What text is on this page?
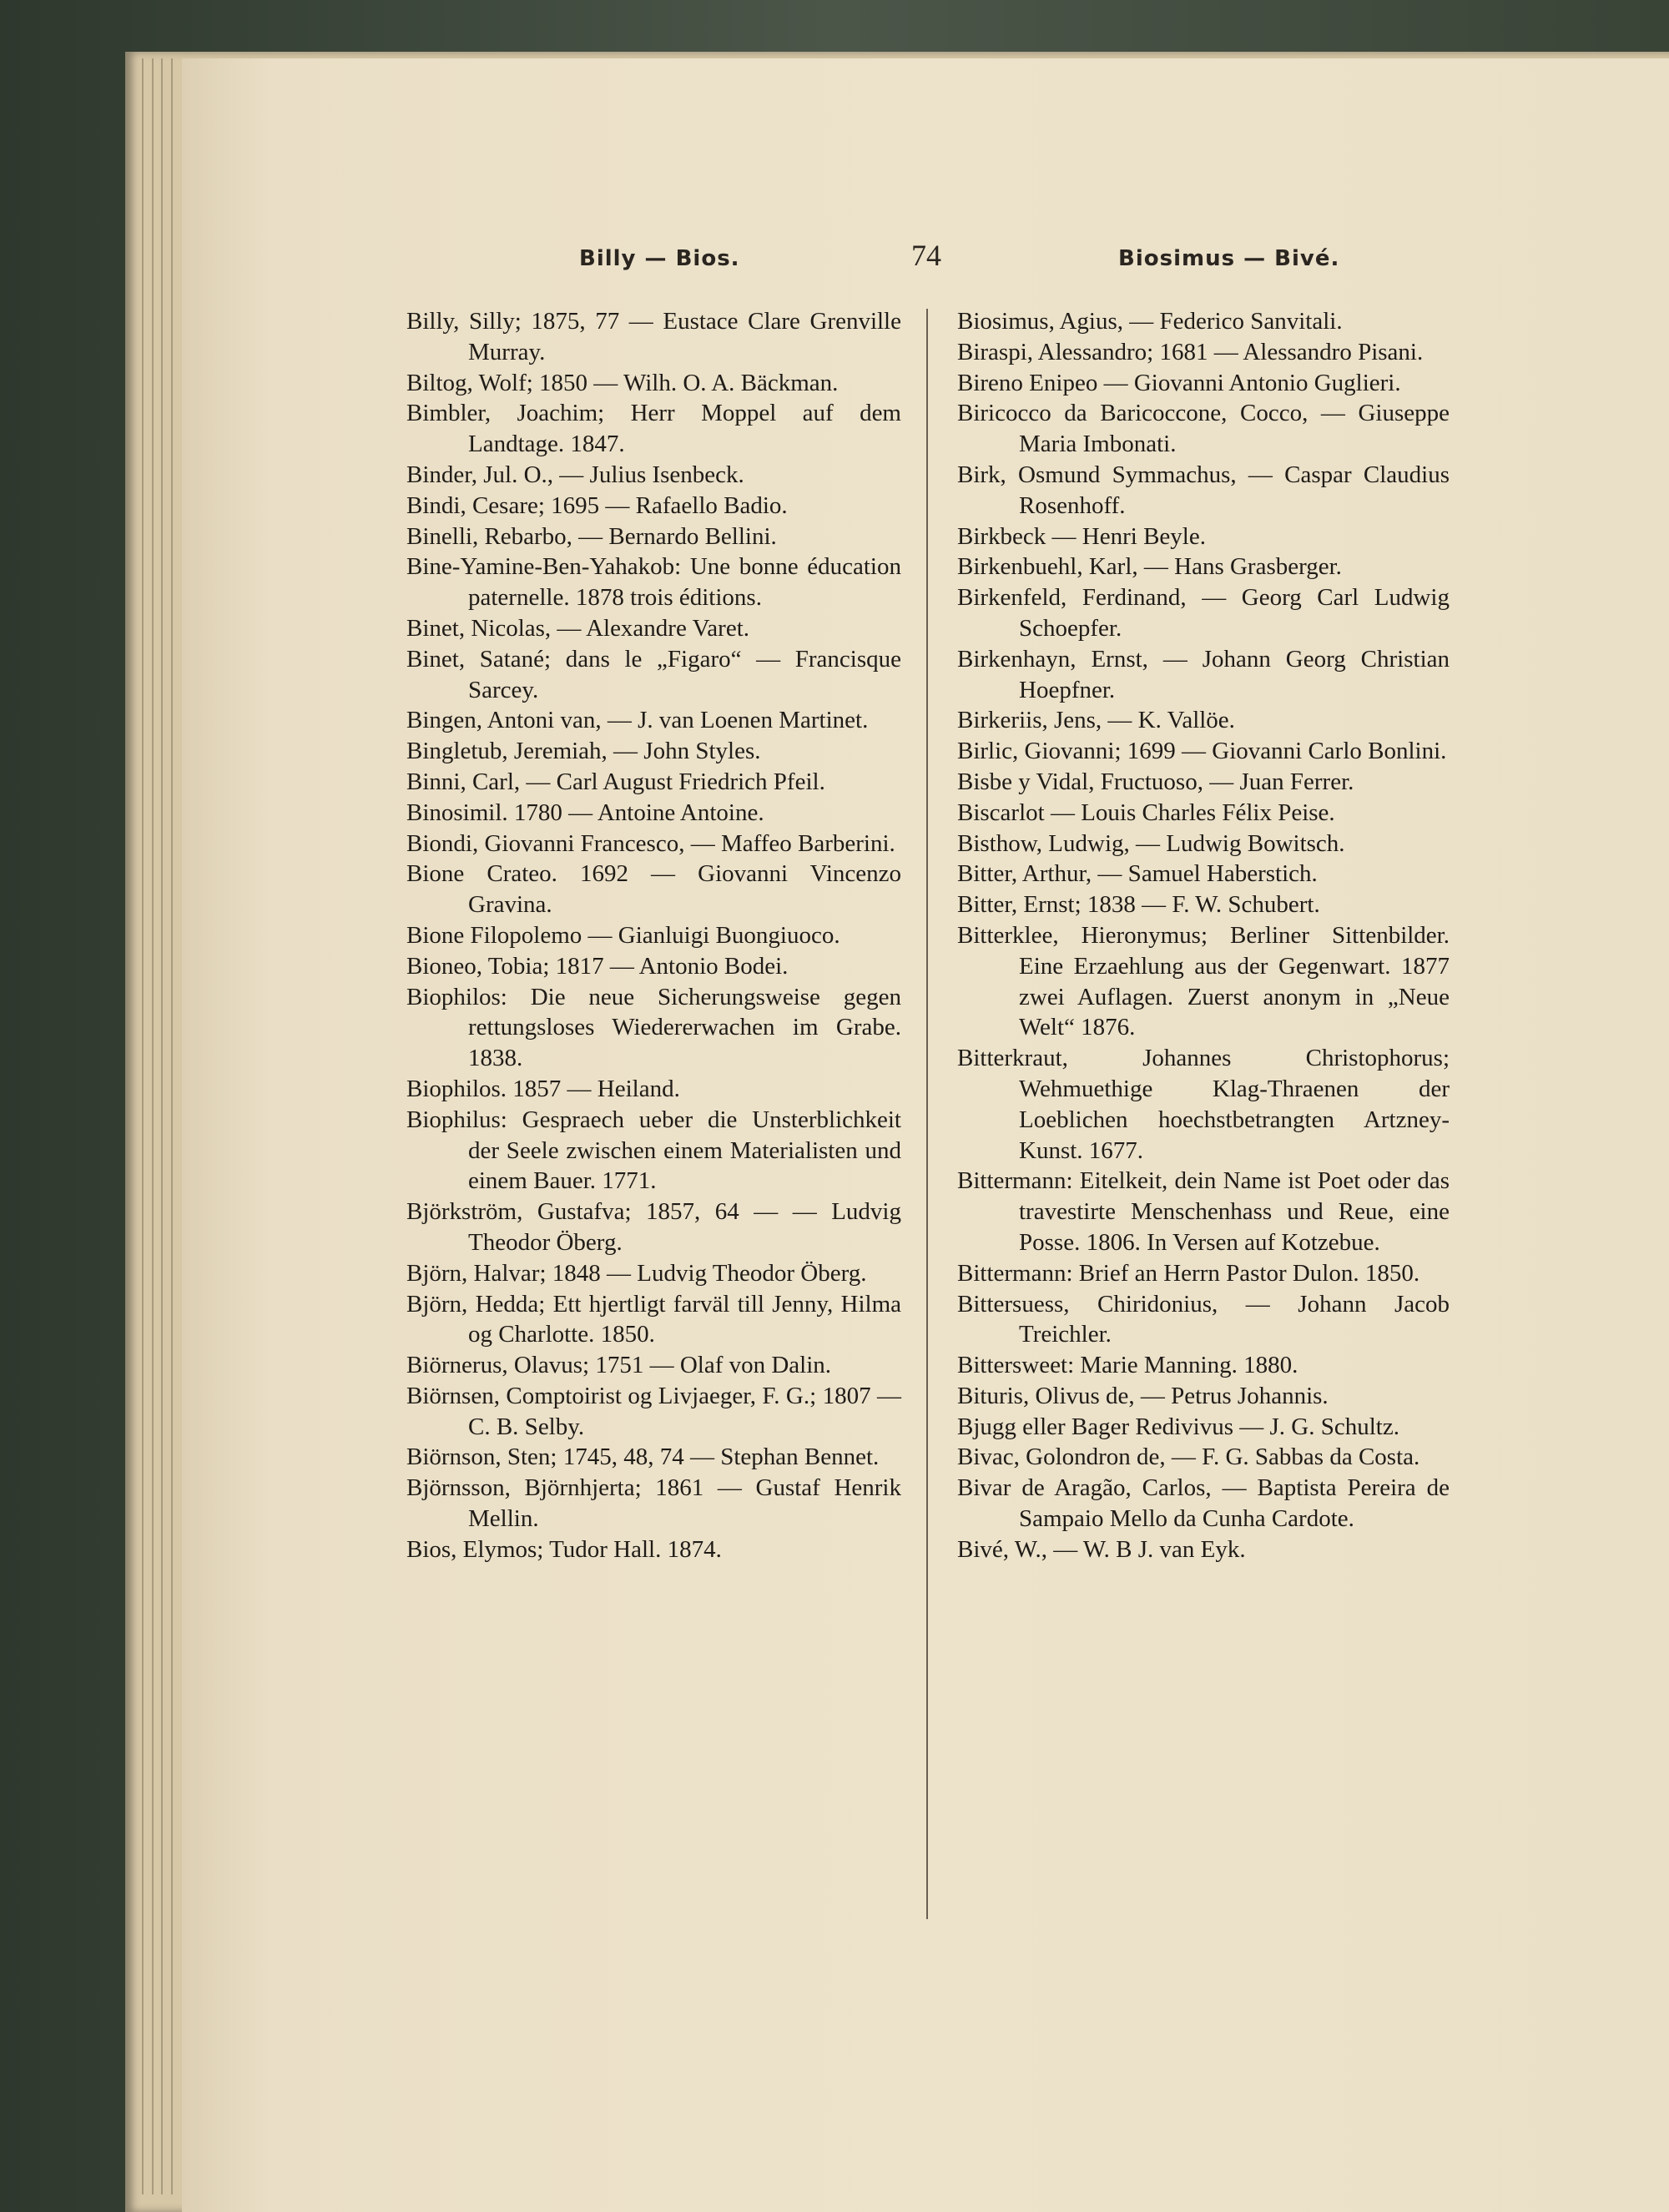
Billy — Bios.	74	Biosimus — Bivé.
Billy, Silly; 1875, 77 — Eustace Clare Grenville Murray.
Biltog, Wolf; 1850 — Wilh. O. A. Bäckman.
Bimbler, Joachim; Herr Moppel auf dem Landtage. 1847.
Binder, Jul. O., — Julius Isenbeck.
Bindi, Cesare; 1695 — Rafaello Badio.
Binelli, Rebarbo, — Bernardo Bellini.
Bine-Yamine-Ben-Yahakob: Une bonne éducation paternelle. 1878 trois éditions.
Binet, Nicolas, — Alexandre Varet.
Binet, Satané; dans le „Figaro“ — Francisque Sarcey.
Bingen, Antoni van, — J. van Loenen Martinet.
Bingletub, Jeremiah, — John Styles.
Binni, Carl, — Carl August Friedrich Pfeil.
Binosimil. 1780 — Antoine Antoine.
Biondi, Giovanni Francesco, — Maffeo Barberini.
Bione Crateo. 1692 — Giovanni Vincenzo Gravina.
Bione Filopolemo — Gianluigi Buongiuoco.
Bioneo, Tobia; 1817 — Antonio Bodei.
Biophilos: Die neue Sicherungsweise gegen rettungsloses Wiedererwachen im Grabe. 1838.
Biophilos. 1857 — Heiland.
Biophilus: Gespraech ueber die Unsterblichkeit der Seele zwischen einem Materialisten und einem Bauer. 1771.
Björkström, Gustafva; 1857, 64 — — Ludvig Theodor Öberg.
Björn, Halvar; 1848 — Ludvig Theodor Öberg.
Björn, Hedda; Ett hjertligt farväl till Jenny, Hilma og Charlotte. 1850.
Biörnerus, Olavus; 1751 — Olaf von Dalin.
Biörnsen, Comptoirist og Livjaeger, F. G.; 1807 — C. B. Selby.
Biörnson, Sten; 1745, 48, 74 — Stephan Bennet.
Björnsson, Björnhjerta; 1861 — Gustaf Henrik Mellin.
Bios, Elymos; Tudor Hall. 1874.
Biosimus, Agius, — Federico Sanvitali.
Biraspi, Alessandro; 1681 — Alessandro Pisani.
Bireno Enipeo — Giovanni Antonio Guglieri.
Biricocco da Baricoccone, Cocco, — Giuseppe Maria Imbonati.
Birk, Osmund Symmachus, — Caspar Claudius Rosenhoff.
Birkbeck — Henri Beyle.
Birkenbuehl, Karl, — Hans Grasberger.
Birkenfeld, Ferdinand, — Georg Carl Ludwig Schoepfer.
Birkenhayn, Ernst, — Johann Georg Christian Hoepfner.
Birkeriis, Jens, — K. Vallöe.
Birlic, Giovanni; 1699 — Giovanni Carlo Bonlini.
Bisbe y Vidal, Fructuoso, — Juan Ferrer.
Biscarlot — Louis Charles Félix Peise.
Bisthow, Ludwig, — Ludwig Bowitsch.
Bitter, Arthur, — Samuel Haberstich.
Bitter, Ernst; 1838 — F. W. Schubert.
Bitterklee, Hieronymus; Berliner Sittenbilder. Eine Erzaehlung aus der Gegenwart. 1877 zwei Auflagen. Zuerst anonym in „Neue Welt“ 1876.
Bitterkraut, Johannes Christophorus; Wehmuethige Klag-Thraenen der Loeblichen hoechstbetrangten Artzney-Kunst. 1677.
Bittermann: Eitelkeit, dein Name ist Poet oder das travestirte Menschenhass und Reue, eine Posse. 1806. In Versen auf Kotzebue.
Bittermann: Brief an Herrn Pastor Dulon. 1850.
Bittersuess, Chiridonius, — Johann Jacob Treichler.
Bittersweet: Marie Manning. 1880.
Bituris, Olivus de, — Petrus Johannis.
Bjugg eller Bager Redivivus — J. G. Schultz.
Bivac, Golondron de, — F. G. Sabbas da Costa.
Bivar de Aragão, Carlos, — Baptista Pereira de Sampaio Mello da Cunha Cardote.
Bivé, W., — W. B J. van Eyk.
